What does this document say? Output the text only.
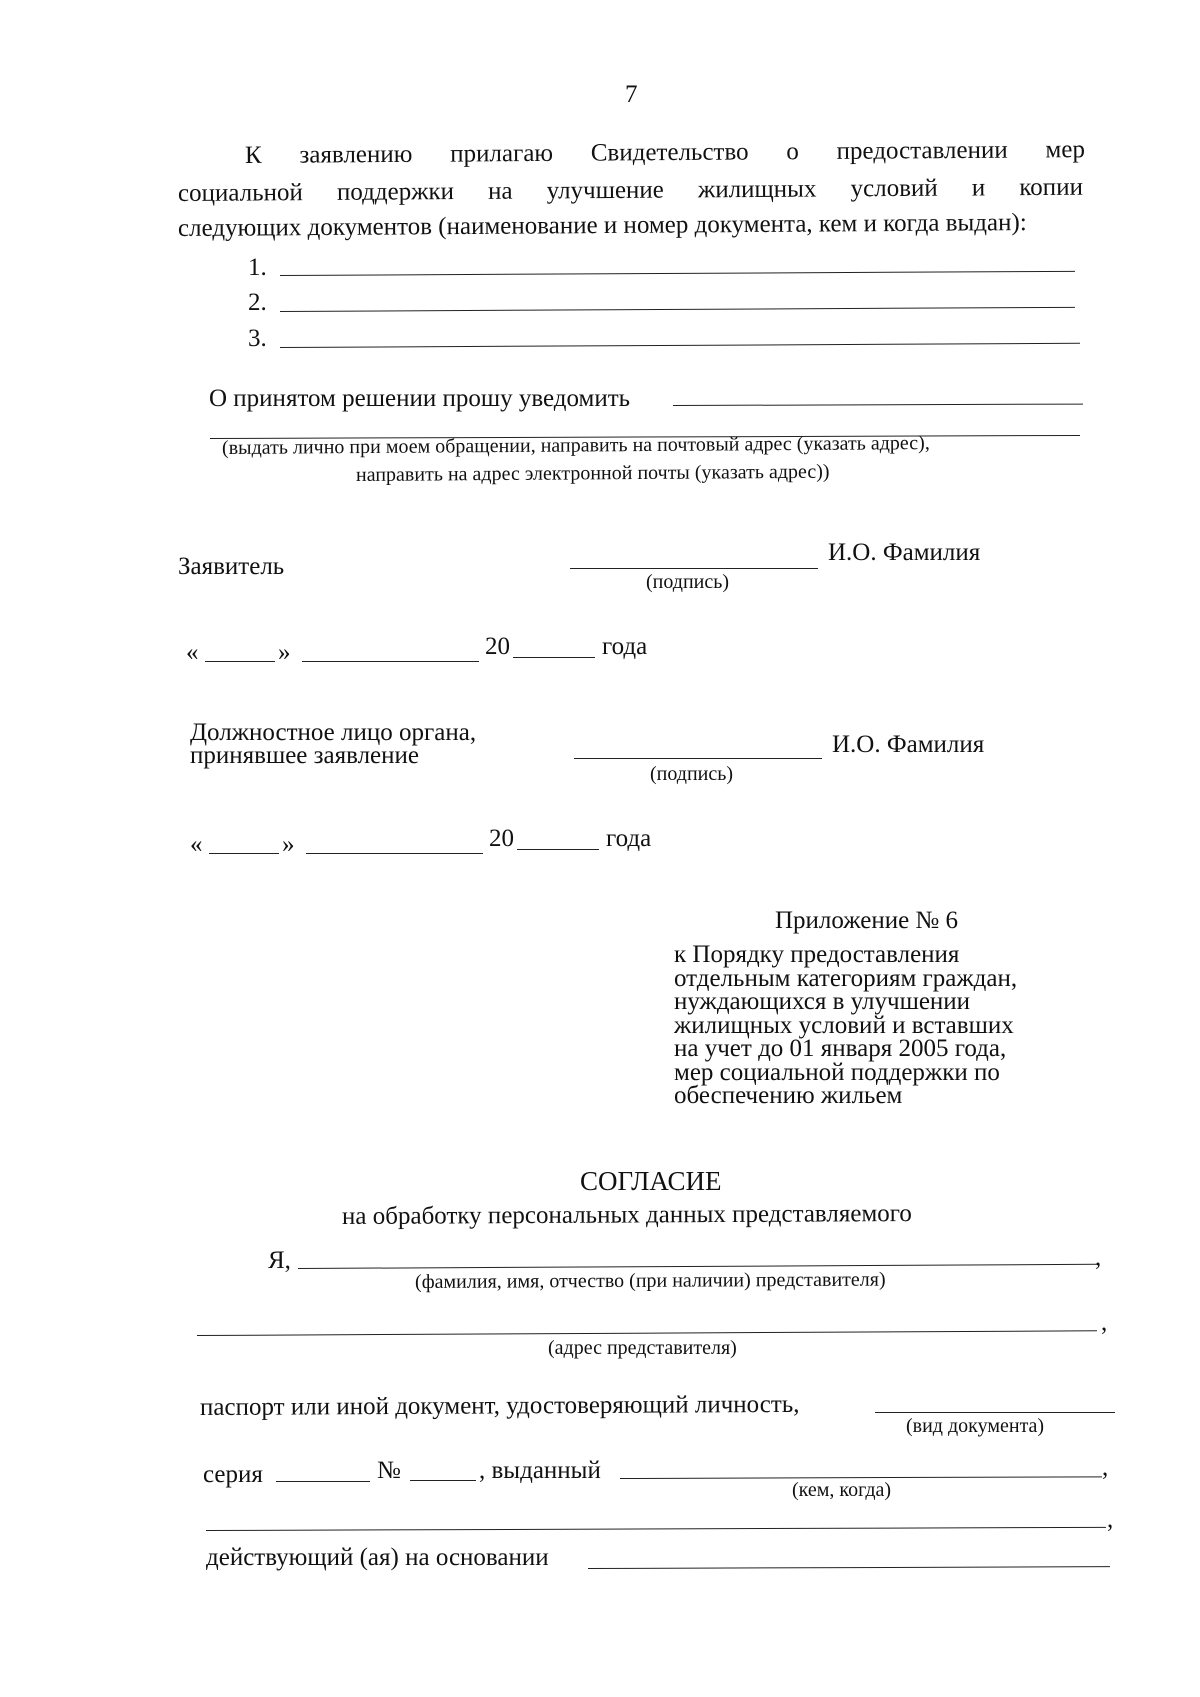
7
К заявлению прилагаю Свидетельство о предоставлении мер
социальной поддержки на улучшение жилищных условий и копии
следующих документов (наименование и номер документа, кем и когда выдан):
1.
2.
3.
О принятом решении прошу уведомить
(выдать лично при моем обращении, направить на почтовый адрес (указать адрес),
направить на адрес электронной почты (указать адрес))
Заявитель
И.О. Фамилия
(подпись)
«	»	20	года
Должностное лицо органа,
принявшее заявление	И.О. Фамилия
(подпись)
«	»	20	года
Приложение № 6
к Порядку предоставления
отдельным категориям граждан,
нуждающихся в улучшении
жилищных условий и вставших
на учет до 01 января 2005 года,
мер социальной поддержки по
обеспечению жильем
СОГЛАСИЕ
на обработку персональных данных представляемого
Я,	,
(фамилия, имя, отчество (при наличии) представителя)
,
(адрес представителя)
паспорт или иной документ, удостоверяющий личность,
(вид документа)
серия	№	, выданный	,
(кем, когда)
,
действующий (ая) на основании
